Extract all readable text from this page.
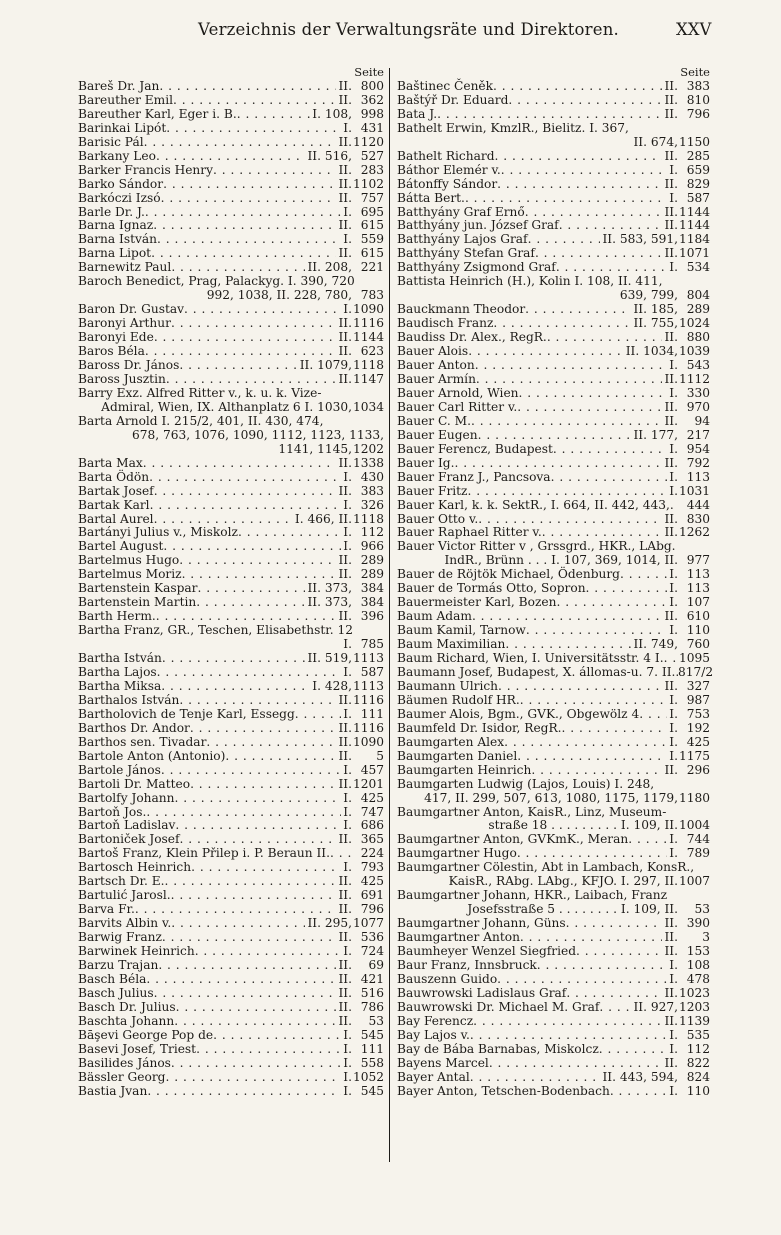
Verzeichnis der Verwaltungsräte und Direktoren.	XXV
Seite
Bareš Dr. Jan . . .	II. 800
Bareuther Emil . . .	II. 362
Bareuther Karl, Eger i. B. . . .	I. 108, 998
Barinkai Lipót . . .	I. 431
Barisic Pál . . .	II. 1120
Barkany Leo . . .	II. 516, 527
Barker Francis Henry . . .	II. 283
Barko Sándor . . .	II. 1102
Barkóczi Izsó . . .	II. 757
Barle Dr. J. . . .	I. 695
Barna Ignaz . . .	II. 615
Barna István . . .	I. 559
Barna Lipot . . .	II. 615
Barnewitz Paul . . .	II. 208, 221
Baroch Benedict, Prag, Palackyg. I. 390, 720
992, 1038, II. 228, 780, 783
Baron Dr. Gustav . . .	I. 1090
Baronyi Arthur . . .	II. 1116
Baronyi Ede . . .	II. 1144
Baros Béla . . .	II. 623
Baross Dr. János . . .	II. 1079, 1118
Baross Jusztin . . .	II. 1147
Barry Exz. Alfred Ritter v., k. u. k. Vize-
Admiral, Wien, IX. Althanplatz 6 I. 1030, 1034
Barta Arnold I. 215/2, 401, II. 430, 474,
678, 763, 1076, 1090, 1112, 1123, 1133,
1141, 1145, 1202
Barta Max . . .	II. 1338
Barta Ödön . . .	I. 430
Bartak Josef . . .	II. 383
Bartak Karl . . .	I. 326
Bartal Aurel . . .	I. 466, II. 1118
Bartányi Julius v., Miskolz . . .	I. 112
Bartel August . . .	I. 966
Bartelmus Hugo . . .	II. 289
Bartelmus Moriz . . .	II. 289
Bartenstein Kaspar . . .	II. 373, 384
Bartenstein Martin . . .	II. 373, 384
Barth Herm. . . .	II. 396
Bartha Franz, GR., Teschen, Elisabethstr. 12
I. 785
Bartha István . . .	II. 519, 1113
Bartha Lajos . . .	I. 587
Bartha Miksa . . .	I. 428, 1113
Barthalos István . . .	II. 1116
Bartholovich de Tenje Karl, Essegg . . .	I. 111
Barthos Dr. Andor . . .	II. 1116
Barthos sen. Tivadar . . .	II. 1090
Bartole Anton (Antonio) . . .	II.	5
Bartole János . . .	I. 457
Bartoli Dr. Matteo . . .	II. 1201
Bartolfy Johann . . .	I. 425
Bartoň Jos. . . .	I. 747
Bartoň Ladislav . . .	I. 686
Bartoniček Josef . . .	II. 365
Bartoš Franz, Klein Přilep i. P. Beraun II. . . .	224
Bartosch Heinrich . . .	I. 793
Bartsch Dr. E. . . .	II. 425
Bartulić Jarosl. . . .	II. 691
Barva Fr. . . .	II. 796
Barvits Albin v. . . .	II. 295, 1077
Barwig Franz . . .	II. 536
Barwinek Heinrich . . .	I. 724
Barzu Trajan . . .	II.	69
Basch Béla . . .	II. 421
Basch Julius . . .	II. 516
Basch Dr. Julius . . .	II. 786
Baschta Johann . . .	II.	53
Bāşevi George Pop de . . .	I. 545
Basevi Josef, Triest . . .	I. 111
Basilides János . . .	I. 558
Bässler Georg . . .	I. 1052
Bastia Jvan . . .	I. 545
Seite
Baštinec Čeněk . . .	II. 383
Baštýř Dr. Eduard . . .	II. 810
Bata J. . . .	II. 796
Bathelt Erwin, KmzlR., Bielitz. I. 367,
II. 674, 1150
Bathelt Richard . . .	II. 285
Báthor Elemér v. . . .	I. 659
Bátonffy Sándor . . .	II. 829
Bátta Bert. . . .	I. 587
Batthyány Graf Ernő . . .	II. 1144
Batthyány jun. József Graf . . .	II. 1144
Batthyány Lajos Graf . . .	II. 583, 591, 1184
Batthyány Stefan Graf . . .	II. 1071
Batthyány Zsigmond Graf . . .	I. 534
Battista Heinrich (H.), Kolin I. 108, II. 411,
639, 799, 804
Bauckmann Theodor . . .	II. 185, 289
Baudisch Franz . . .	II. 755, 1024
Baudiss Dr. Alex., RegR. . . .	II. 880
Bauer Alois . . .	II. 1034, 1039
Bauer Anton . . .	I. 543
Bauer Armín . . .	II. 1112
Bauer Arnold, Wien . . .	I. 330
Bauer Carl Ritter v. . . .	II. 970
Bauer C. M. . . .	II.	94
Bauer Eugen . . .	II. 177, 217
Bauer Ferencz, Budapest . . .	I. 954
Bauer Ig. . . .	II. 792
Bauer Franz J., Pancsova . . .	I. 113
Bauer Fritz . . .	I. 1031
Bauer Karl, k. k. SektR., I. 664, II. 442, 443, . . .	444
Bauer Otto v. . . .	II. 830
Bauer Raphael Ritter v. . . .	II. 1262
Bauer Victor Ritter v , Grssgrd., HKR., LAbg.
IndR., Brünn . . . I. 107, 369, 1014, II. 977
Bauer de Röjtök Michael, Ödenburg . . .	I. 113
Bauer de Tormás Otto, Sopron . . .	I. 113
Bauermeister Karl, Bozen . . .	I. 107
Baum Adam . . .	II. 610
Baum Kamil, Tarnow . . .	I. 110
Baum Maximilian . . .	II. 749, 760
Baum Richard, Wien, I. Universitätsstr. 4 I. . . . 1095
Baumann Josef, Budapest, X. állomas-u. 7. II. . . . 817/2
Baumann Ulrich . . .	II. 327
Bäumen Rudolf HR. . . .	I. 987
Baumer Alois, Bgm., GVK., Obgewölz 4 . . . I. 753
Baumfeld Dr. Isidor, RegR. . . .	I. 192
Baumgarten Alex . . .	I. 425
Baumgarten Daniel . . .	I. 1175
Baumgarten Heinrich . . .	II. 296
Baumgarten Ludwig (Lajos, Louis) I. 248,
417, II. 299, 507, 613, 1080, 1175, 1179, 1180
Baumgartner Anton, KaisR., Linz, Museum-
straße 18 . . . . . . . . . I. 109, II. 1004
Baumgartner Anton, GVKmK., Meran . . .	I. 744
Baumgartner Hugo . . .	I. 789
Baumgartner Cölestin, Abt in Lambach, KonsR.,
KaisR., RAbg. LAbg., KFJO. I. 297, II. 1007
Baumgartner Johann, HKR., Laibach, Franz
Josefsstraße 5 . . . . . . . . I. 109, II.	53
Baumgartner Johann, Güns . . .	II. 390
Baumgartner Anton . . .	II.	3
Baumheyer Wenzel Siegfried . . .	II. 153
Baur Franz, Innsbruck . . .	I. 108
Bauszenn Guido . . .	I. 478
Bauwrowski Ladislaus Graf . . .	II. 1023
Bauwrowski Dr. Michael M. Graf . . .	II. 927, 1203
Bay Ferencz . . .	II. 1139
Bay Lajos v. . . .	I. 535
Bay de Bába Barnabas, Miskolcz . . .	I. 112
Bayens Marcel . . .	II. 822
Bayer Antal . . .	II. 443, 594, 824
Bayer Anton, Tetschen-Bodenbach . . .	I. 110
